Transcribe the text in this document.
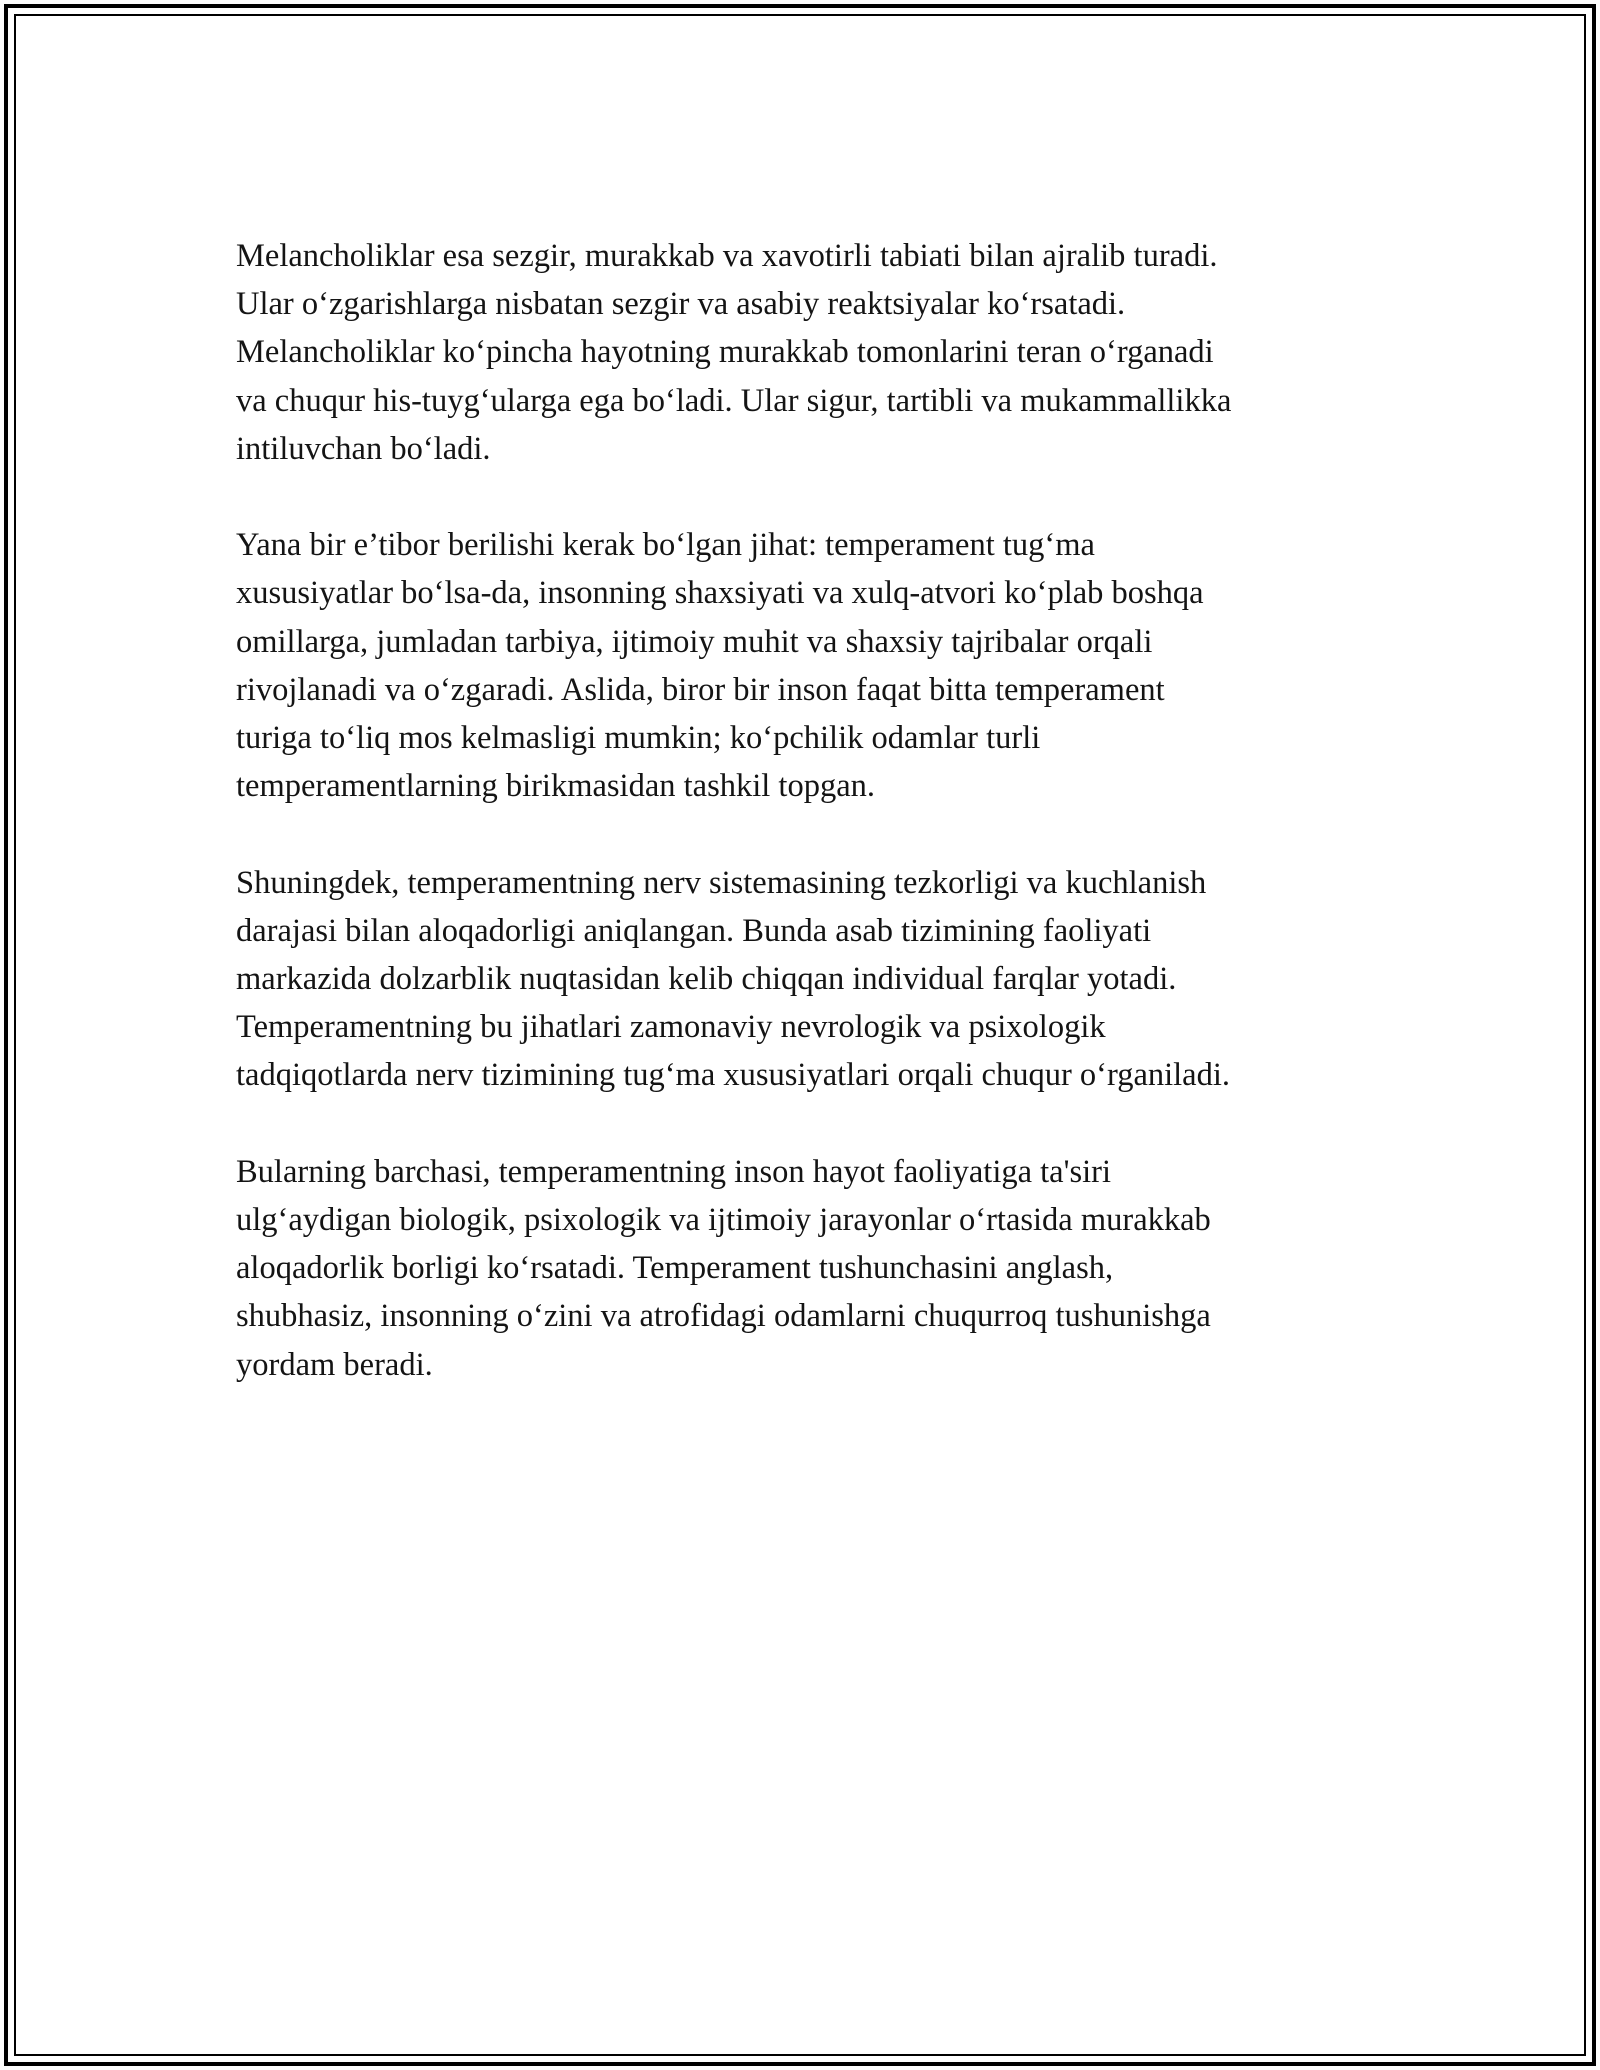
Melancholiklar esa sezgir, murakkab va xavotirli tabiati bilan ajralib turadi.
Ular o‘zgarishlarga nisbatan sezgir va asabiy reaktsiyalar ko‘rsatadi.
Melancholiklar ko‘pincha hayotning murakkab tomonlarini teran o‘rganadi
va chuqur his-tuyg‘ularga ega bo‘ladi. Ular sigur, tartibli va mukammallikka
intiluvchan bo‘ladi.

Yana bir e’tibor berilishi kerak bo‘lgan jihat: temperament tug‘ma
xususiyatlar bo‘lsa-da, insonning shaxsiyati va xulq-atvori ko‘plab boshqa
omillarga, jumladan tarbiya, ijtimoiy muhit va shaxsiy tajribalar orqali
rivojlanadi va o‘zgaradi. Aslida, biror bir inson faqat bitta temperament
turiga to‘liq mos kelmasligi mumkin; ko‘pchilik odamlar turli
temperamentlarning birikmasidan tashkil topgan.

Shuningdek, temperamentning nerv sistemasining tezkorligi va kuchlanish
darajasi bilan aloqadorligi aniqlangan. Bunda asab tizimining faoliyati
markazida dolzarblik nuqtasidan kelib chiqqan individual farqlar yotadi.
Temperamentning bu jihatlari zamonaviy nevrologik va psixologik
tadqiqotlarda nerv tizimining tug‘ma xususiyatlari orqali chuqur o‘rganiladi.

Bularning barchasi, temperamentning inson hayot faoliyatiga ta'siri
ulg‘aydigan biologik, psixologik va ijtimoiy jarayonlar o‘rtasida murakkab
aloqadorlik borligi ko‘rsatadi. Temperament tushunchasini anglash,
shubhasiz, insonning o‘zini va atrofidagi odamlarni chuqurroq tushunishga
yordam beradi.
